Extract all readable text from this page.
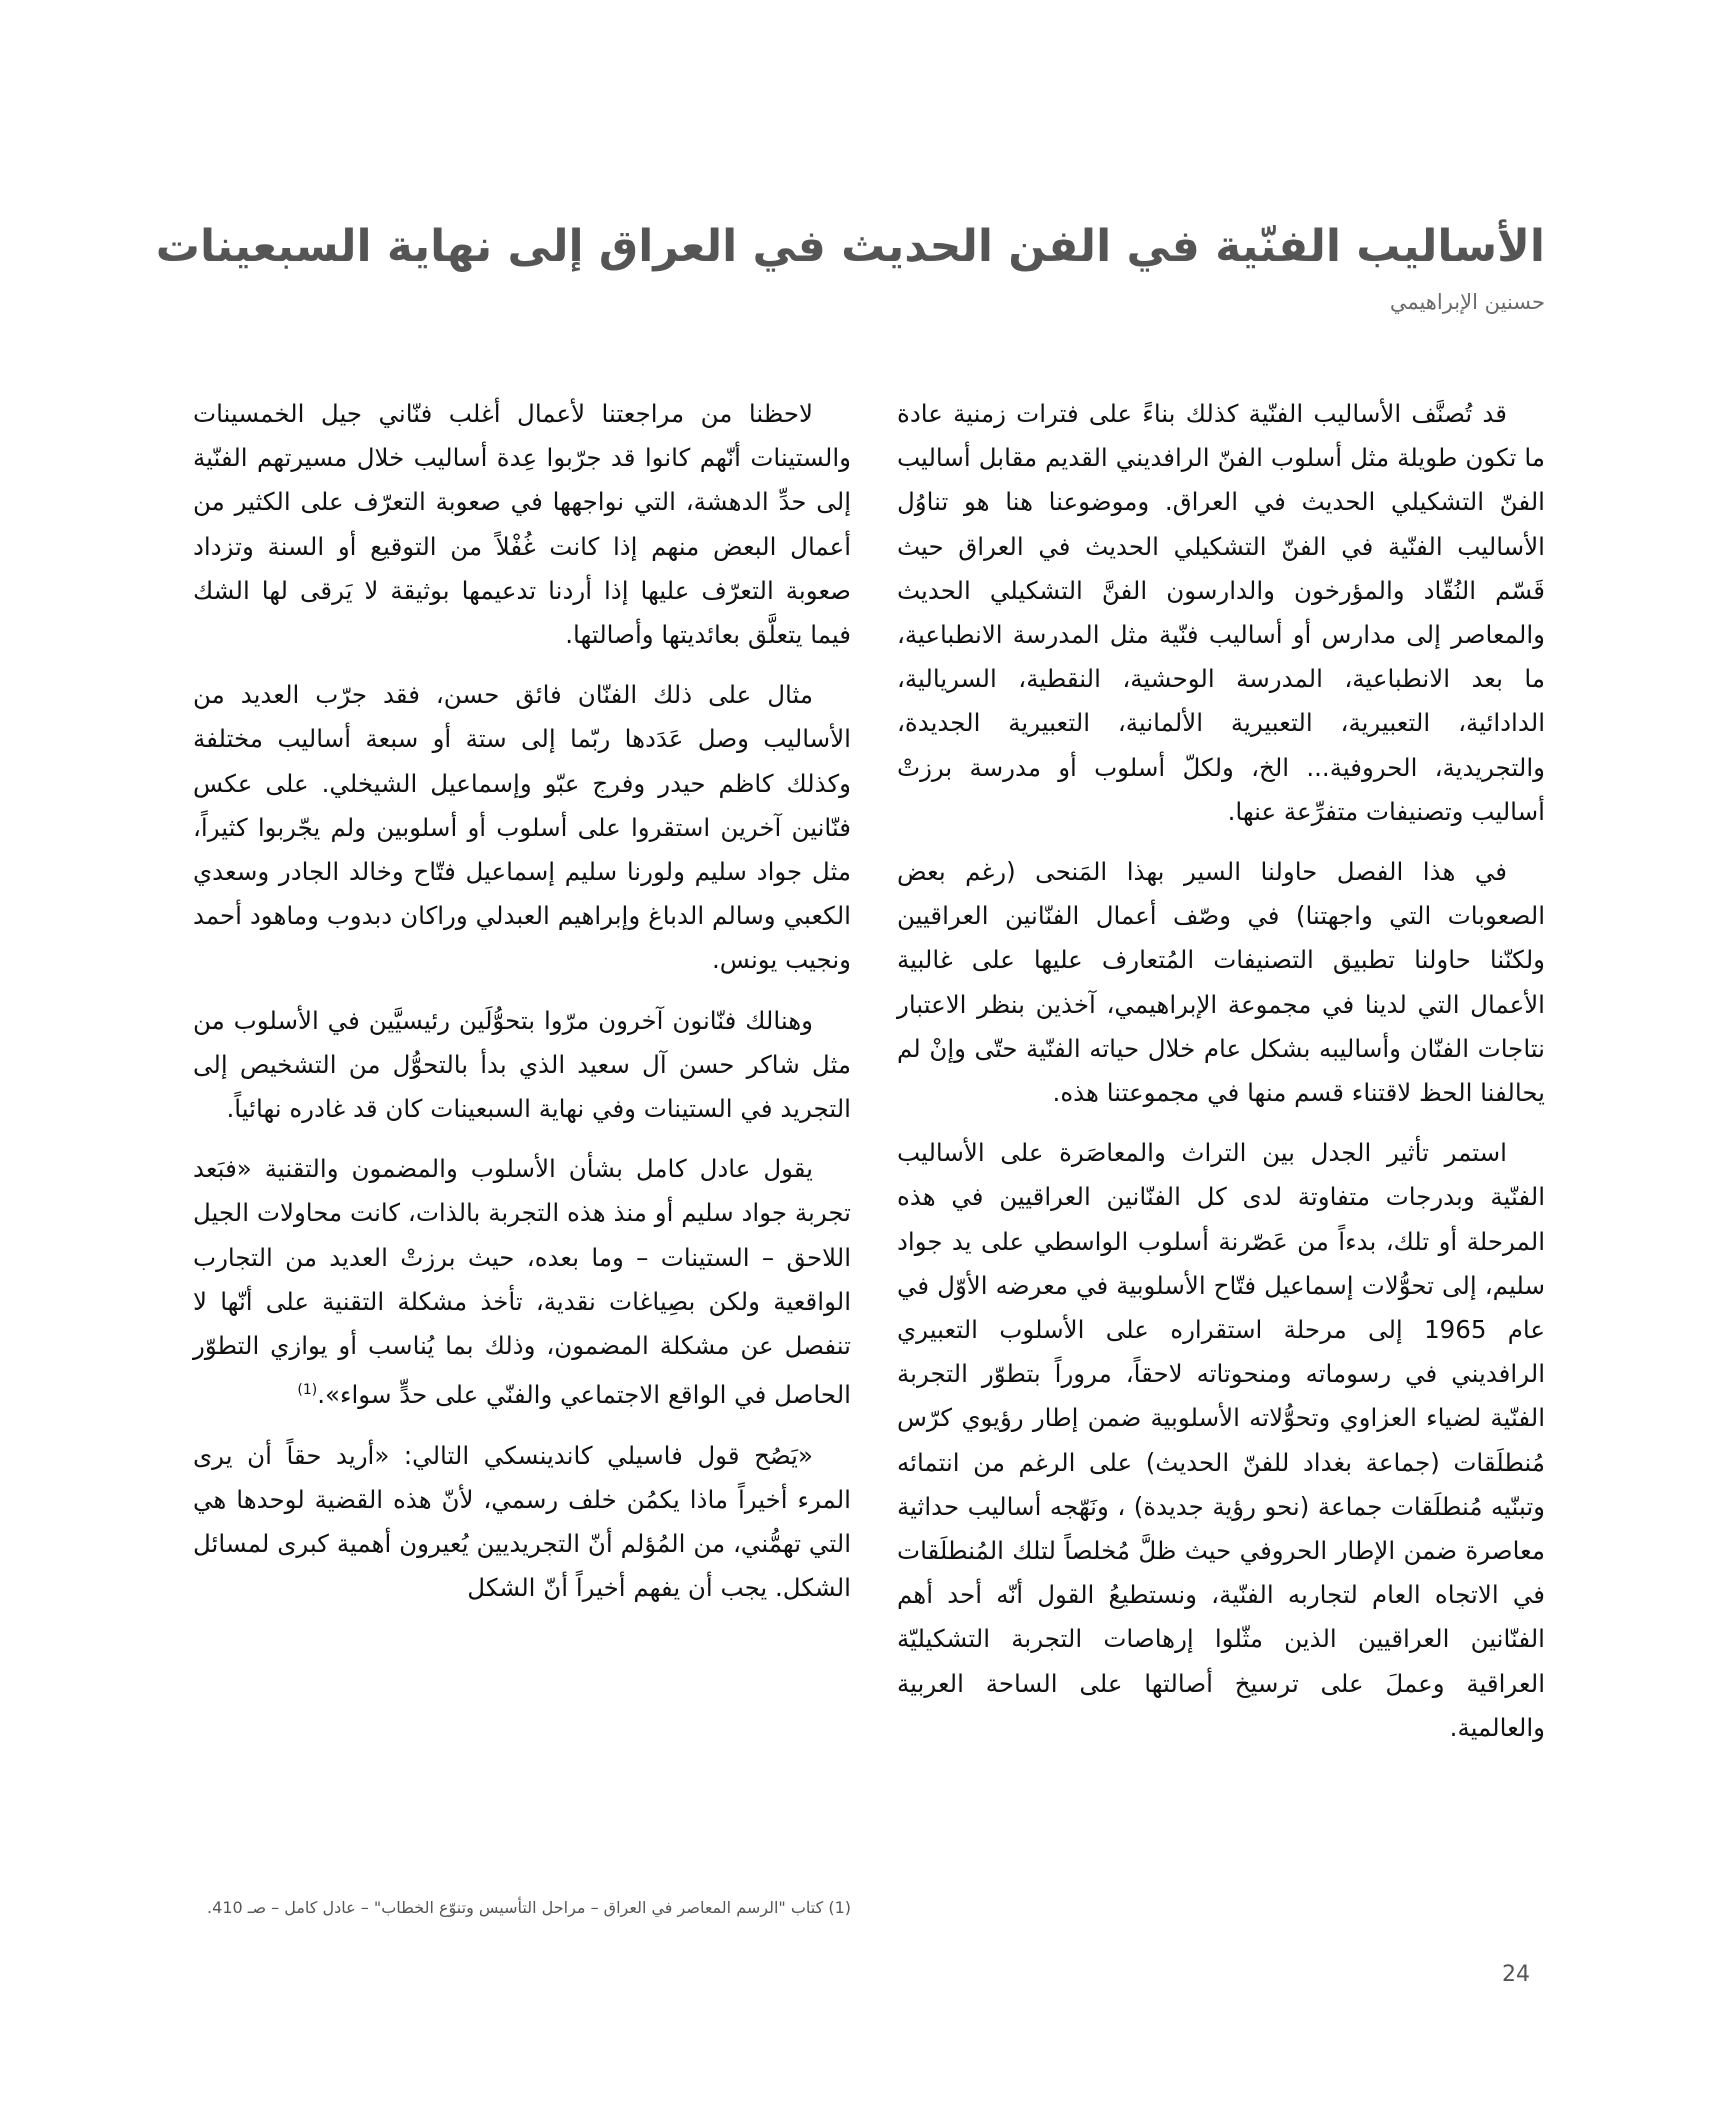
الأساليب الفنّية في الفن الحديث في العراق إلى نهاية السبعينات
حسنين الإبراهيمي

قد تُصنَّف الأساليب الفنّية كذلك بناءً على فترات زمنية عادة ما تكون طويلة مثل أسلوب الفنّ الرافديني القديم مقابل أساليب الفنّ التشكيلي الحديث في العراق. وموضوعنا هنا هو تناوُل الأساليب الفنّية في الفنّ التشكيلي الحديث في العراق حيث قَسّم النُقّاد والمؤرخون والدارسون الفنَّ التشكيلي الحديث والمعاصر إلى مدارس أو أساليب فنّية مثل المدرسة الانطباعية، ما بعد الانطباعية، المدرسة الوحشية، النقطية، السريالية، الدادائية، التعبيرية، التعبيرية الألمانية، التعبيرية الجديدة، والتجريدية، الحروفية... الخ، ولكلّ أسلوب أو مدرسة برزتْ أساليب وتصنيفات متفرِّعة عنها.

في هذا الفصل حاولنا السير بهذا المَنحى (رغم بعض الصعوبات التي واجهتنا) في وصّف أعمال الفنّانين العراقيين ولكنّنا حاولنا تطبيق التصنيفات المُتعارف عليها على غالبية الأعمال التي لدينا في مجموعة الإبراهيمي، آخذين بنظر الاعتبار نتاجات الفنّان وأساليبه بشكل عام خلال حياته الفنّية حتّى وإنْ لم يحالفنا الحظ لاقتناء قسم منها في مجموعتنا هذه.

استمر تأثير الجدل بين التراث والمعاصَرة على الأساليب الفنّية وبدرجات متفاوتة لدى كل الفنّانين العراقيين في هذه المرحلة أو تلك، بدءاً من عَصّرنة أسلوب الواسطي على يد جواد سليم، إلى تحوُّلات إسماعيل فتّاح الأسلوبية في معرضه الأوّل في عام 1965 إلى مرحلة استقراره على الأسلوب التعبيري الرافديني في رسوماته ومنحوتاته لاحقاً، مروراً بتطوّر التجربة الفنّية لضياء العزاوي وتحوُّلاته الأسلوبية ضمن إطار رؤيوي كرّس مُنطلَقات (جماعة بغداد للفنّ الحديث) على الرغم من انتمائه وتبنّيه مُنطلَقات جماعة (نحو رؤية جديدة) ، ونَهّجه أساليب حداثية معاصرة ضمن الإطار الحروفي حيث ظلَّ مُخلصاً لتلك المُنطلَقات في الاتجاه العام لتجاربه الفنّية، ونستطيعُ القول أنّه أحد أهم الفنّانين العراقيين الذين مثّلوا إرهاصات التجربة التشكيليّة العراقية وعملَ على ترسيخ أصالتها على الساحة العربية والعالمية.

لاحظنا من مراجعتنا لأعمال أغلب فنّاني جيل الخمسينات والستينات أنّهم كانوا قد جرّبوا عِدة أساليب خلال مسيرتهم الفنّية إلى حدِّ الدهشة، التي نواجهها في صعوبة التعرّف على الكثير من أعمال البعض منهم إذا كانت غُفْلاً من التوقيع أو السنة وتزداد صعوبة التعرّف عليها إذا أردنا تدعيمها بوثيقة لا يَرقى لها الشك فيما يتعلَّق بعائديتها وأصالتها.

مثال على ذلك الفنّان فائق حسن، فقد جرّب العديد من الأساليب وصل عَدَدها ربّما إلى ستة أو سبعة أساليب مختلفة وكذلك كاظم حيدر وفرج عبّو وإسماعيل الشيخلي. على عكس فنّانين آخرين استقروا على أسلوب أو أسلوبين ولم يجّربوا كثيراً، مثل جواد سليم ولورنا سليم إسماعيل فتّاح وخالد الجادر وسعدي الكعبي وسالم الدباغ وإبراهيم العبدلي وراكان دبدوب وماهود أحمد ونجيب يونس.

وهنالك فنّانون آخرون مرّوا بتحوُّلَين رئيسيَّين في الأسلوب من مثل شاكر حسن آل سعيد الذي بدأ بالتحوُّل من التشخيص إلى التجريد في الستينات وفي نهاية السبعينات كان قد غادره نهائياً.

يقول عادل كامل بشأن الأسلوب والمضمون والتقنية «فبَعد تجربة جواد سليم أو منذ هذه التجربة بالذات، كانت محاولات الجيل اللاحق – الستينات – وما بعده، حيث برزتْ العديد من التجارب الواقعية ولكن بصِياغات نقدية، تأخذ مشكلة التقنية على أنّها لا تنفصل عن مشكلة المضمون، وذلك بما يُناسب أو يوازي التطوّر الحاصل في الواقع الاجتماعي والفنّي على حدٍّ سواء».$^{(1)}$

«يَصُح قول فاسيلي كاندينسكي التالي: «أريد حقاً أن يرى المرء أخيراً ماذا يكمُن خلف رسمي، لأنّ هذه القضية لوحدها هي التي تهمُّني، من المُؤلم أنّ التجريديين يُعيرون أهمية كبرى لمسائل الشكل. يجب أن يفهم أخيراً أنّ الشكل

(1) كتاب "الرسم المعاصر في العراق – مراحل التأسيس وتنوّع الخطاب" – عادل كامل – صـ 410.
24
